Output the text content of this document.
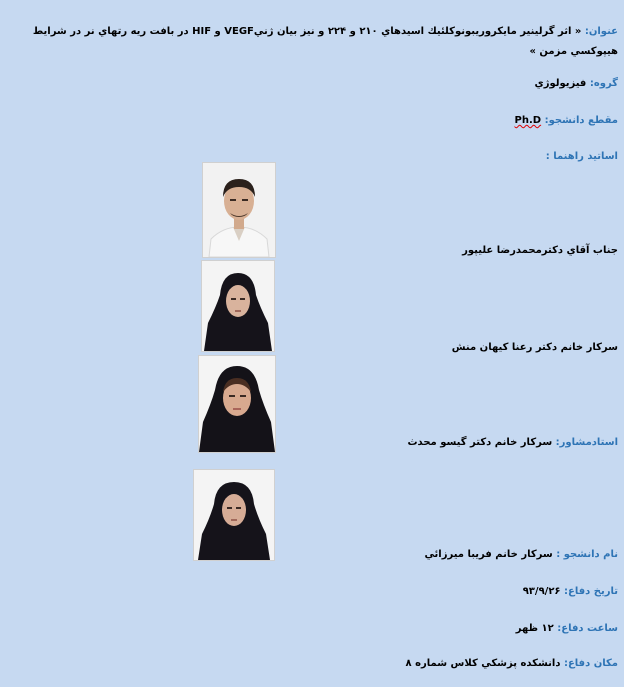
عنوان: « اثر گرلينير مايكروريبونوكلئيك اسيدهاي ۲۱۰ و ۲۲۴ و نيز بيان ژنيVEGF و HIF در بافت ريه رتهاي نر در شرايط هيپوكسي مزمن »
گروه: فيزيولوژي
مقطع دانشجو: Ph.D
اساتيد راهنما :
جناب آقاي دكترمحمدرضا عليپور
سركار خانم دكتر رعنا كيهان منش
استادمشاور: سركار خانم دكتر گيسو محدث
نام دانشجو : سركار خانم فريبا ميرزائي
تاريخ دفاع: ۹۳/۹/۲۶
ساعت دفاع: ۱۲ ظهر
مكان دفاع: دانشكده پزشكي كلاس شماره ۸
